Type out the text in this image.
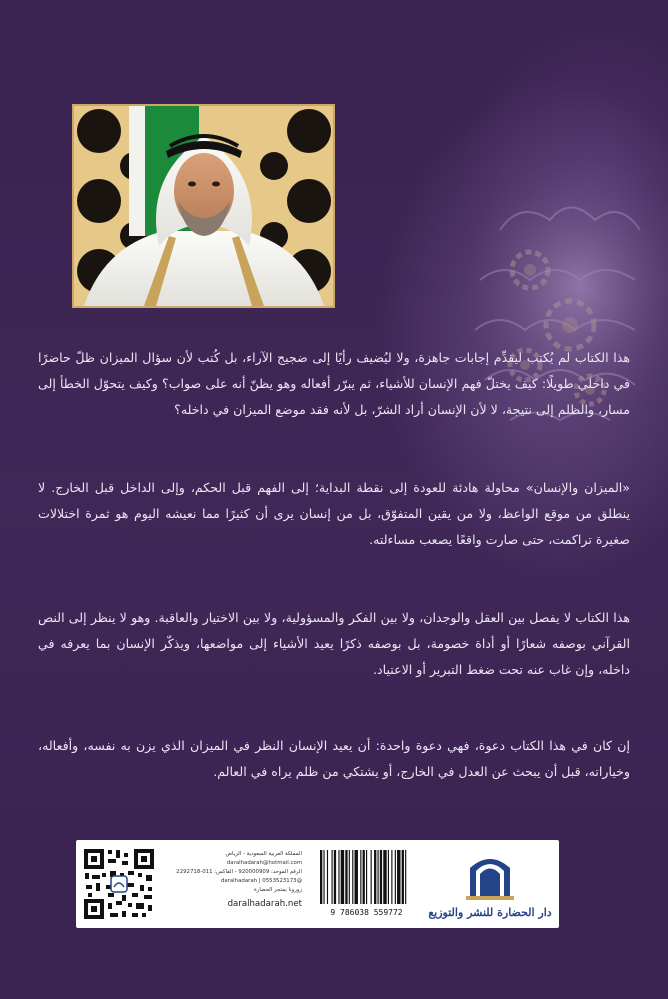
هذا الكتاب لم يُكتب ليقدِّم إجابات جاهزة، ولا ليُضيف رأيًا إلى ضجيج الآراء، بل كُتب لأن سؤال الميزان ظلّ حاضرًا في داخلي طويلًا: كيف يختلّ فهم الإنسان للأشياء، ثم يبرّر أفعاله وهو يظنّ أنه على صواب؟ وكيف يتحوّل الخطأ إلى مسار، والظلم إلى نتيجة، لا لأن الإنسان أراد الشرّ، بل لأنه فقد موضع الميزان في داخله؟

«الميزان والإنسان» محاولة هادئة للعودة إلى نقطة البداية؛ إلى الفهم قبل الحكم، وإلى الداخل قبل الخارج. لا ينطلق من موقع الواعظ، ولا من يقين المتفوّق، بل من إنسان يرى أن كثيرًا مما نعيشه اليوم هو ثمرة اختلالات صغيرة تراكمت، حتى صارت واقعًا يصعب مساءلته.

هذا الكتاب لا يفصل بين العقل والوجدان، ولا بين الفكر والمسؤولية، ولا بين الاختيار والعاقبة. وهو لا ينظر إلى النص القرآني بوصفه شعارًا أو أداة خصومة، بل بوصفه ذكرًا يعيد الأشياء إلى مواضعها، ويذكّر الإنسان بما يعرفه في داخله، وإن غاب عنه تحت ضغط التبرير أو الاعتياد.

إن كان في هذا الكتاب دعوة، فهي دعوة واحدة: أن يعيد الإنسان النظر في الميزان الذي يزن به نفسه، وأفعاله، وخياراته، قبل أن يبحث عن العدل في الخارج، أو يشتكي من ظلم يراه في العالم.

المملكة العربية السعودية - الرياض
daralhadarah@hotmail.com
الرقم الموحد: 920000909 - الفاكس: 011-2292718
@daralhadarah | 0553523173
زورونا بمتجر الحضارة
daralhadarah.net
9 786038 559772	دار الحضارة للنشر والتوزيع
